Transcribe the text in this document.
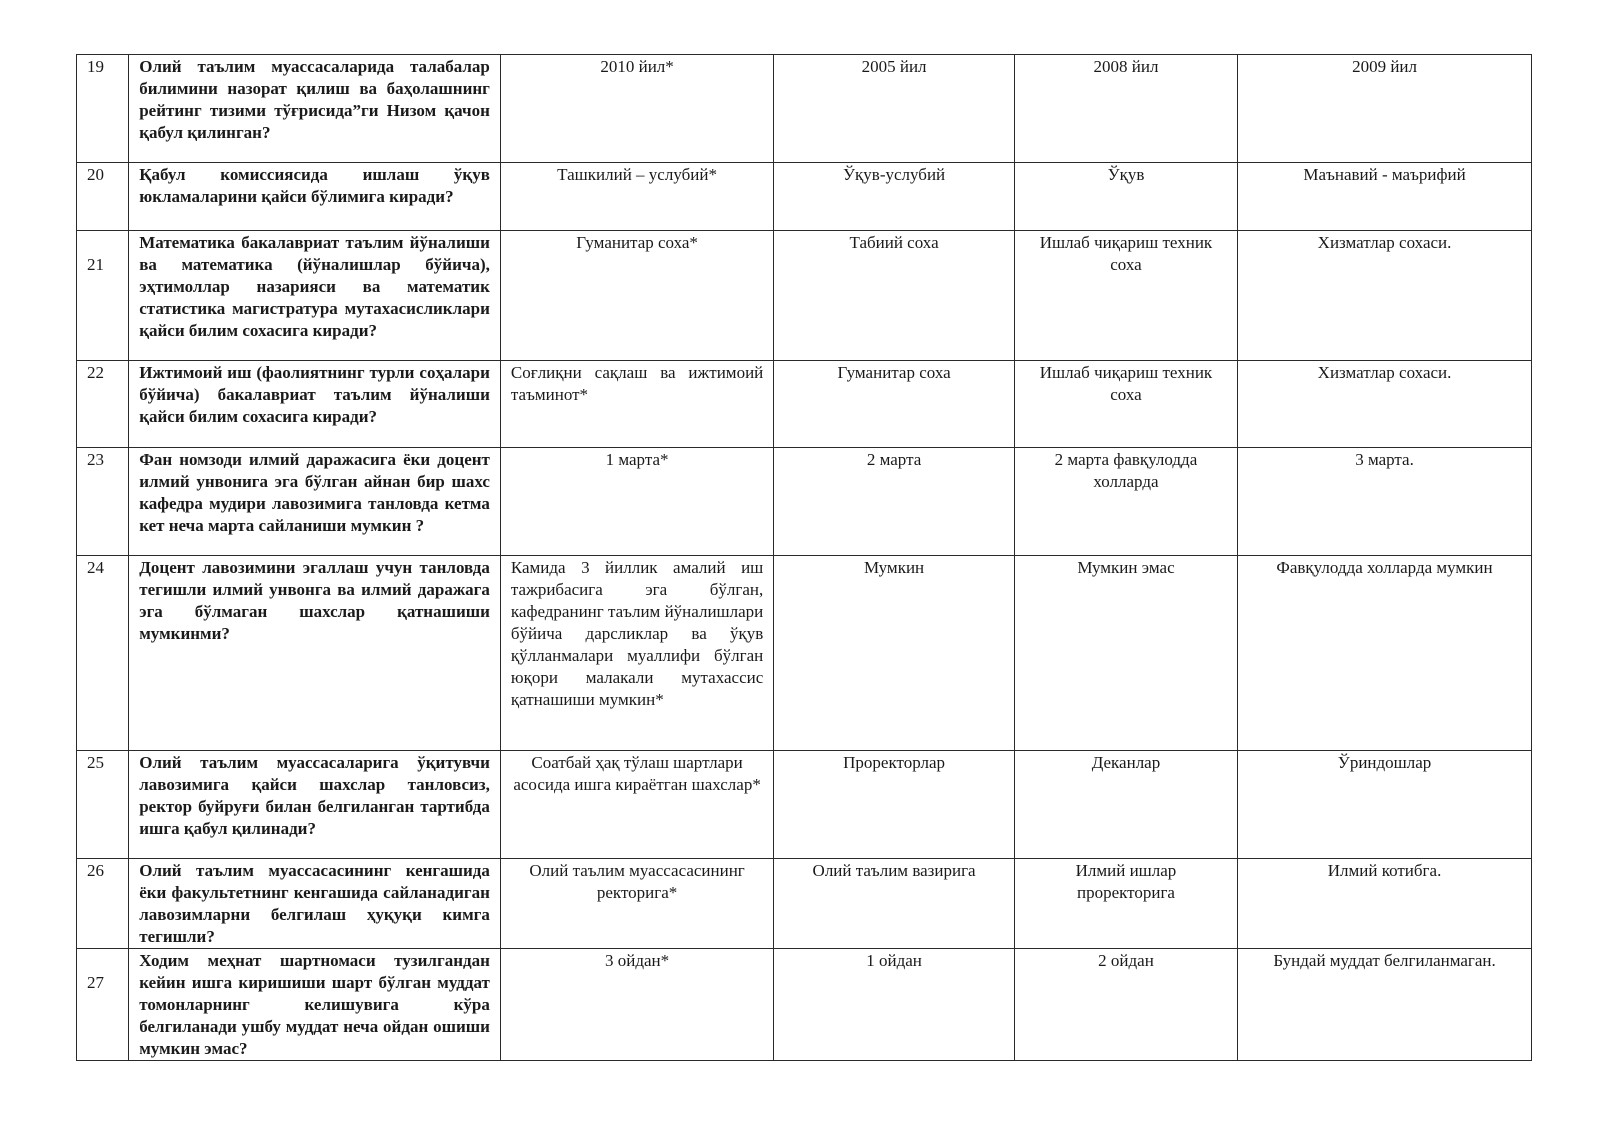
19	Олий таълим муассасаларида талабалар билимини назорат қилиш ва баҳолашнинг рейтинг тизими тўғрисида”ги Низом қачон қабул қилинган?	2010 йил*	2005 йил	2008 йил	2009 йил
20	Қабул комиссиясида ишлаш ўқув юкламаларини қайси бўлимига киради?	Ташкилий – услубий*	Ўқув-услубий	Ўқув	Маънавий - маърифий

21	Математика бакалавриат таълим йўналиши ва математика (йўналишлар бўйича), эҳтимоллар назарияси ва математик статистика магистратура мутахасисликлари қайси билим сохасига киради?	Гуманитар соха*	Табиий соха	Ишлаб чиқариш техник соха	Хизматлар сохаси.
22	Ижтимоий иш (фаолиятнинг турли соҳалари бўйича) бакалавриат таълим йўналиши қайси билим сохасига киради?	Соғлиқни сақлаш ва ижтимоий таъминот*	Гуманитар соха	Ишлаб чиқариш техник соха	Хизматлар сохаси.
23	Фан номзоди илмий даражасига ёки доцент илмий унвонига эга бўлган айнан бир шахс кафедра мудири лавозимига танловда кетма кет неча марта сайланиши мумкин ?	1 марта*	2 марта	2 марта фавқулодда холларда	3 марта.
24	Доцент лавозимини эгаллаш учун танловда тегишли илмий унвонга ва илмий даражага эга бўлмаган шахслар қатнашиши мумкинми?	Камида 3 йиллик амалий иш тажрибасига эга бўлган, кафедранинг таълим йўналишлари бўйича дарсликлар ва ўқув қўлланмалари муаллифи бўлган юқори малакали мутахассис қатнашиши мумкин*	Мумкин	Мумкин эмас	Фавқулодда холларда мумкин
25	Олий таълим муассасаларига ўқитувчи лавозимига қайси шахслар танловсиз, ректор буйруғи билан белгиланган тартибда ишга қабул қилинади?	Соатбай ҳақ тўлаш шартлари асосида ишга кираётган шахслар*	Проректорлар	Деканлар	Ўриндошлар
26	Олий таълим муассасасининг кенгашида ёки факультетнинг кенгашида сайланадиган лавозимларни белгилаш ҳуқуқи кимга тегишли?	Олий таълим муассасасининг ректорига*	Олий таълим вазирига	Илмий ишлар проректорига	Илмий котибга.

27	Ходим меҳнат шартномаси тузилгандан кейин ишга киришиши шарт бўлган муддат томонларнинг келишувига кўра белгиланади ушбу муддат неча ойдан ошиши мумкин эмас?	3 ойдан*	1 ойдан	2 ойдан	Бундай муддат белгиланмаган.
